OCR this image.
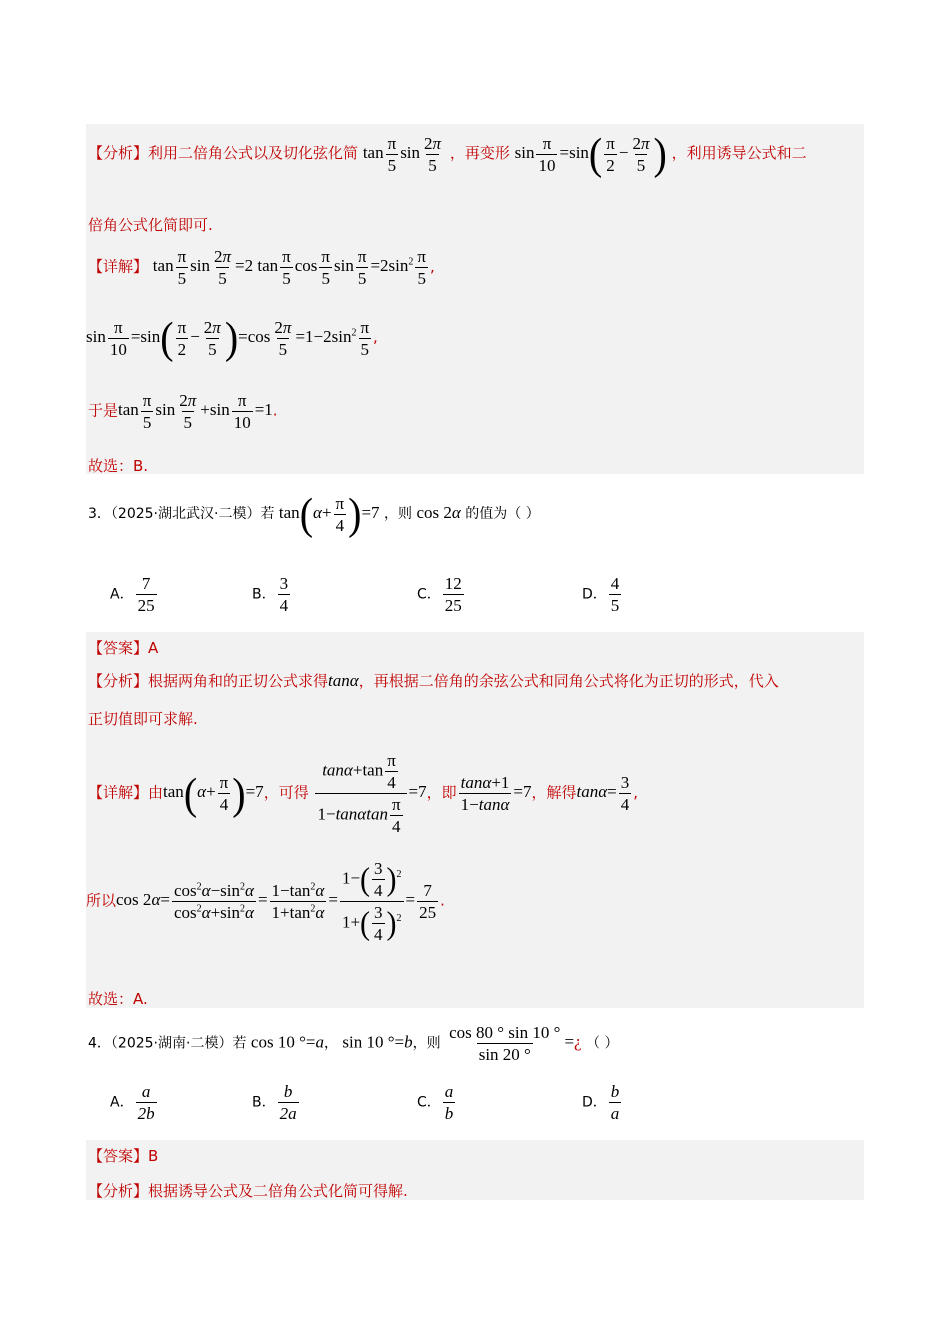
【分析】利用二倍角公式以及切化弦化简 $\tan \frac{\pi}{5}$ $\sin \frac{2\pi}{5}$ ，再变形 $\sin \frac{\pi}{10} =\sin( \frac{\pi}{2} - \frac{2\pi}{5}$ ) ，利用诱导公式和二
倍角公式化简即可.
【详解】 $\tan \frac{\pi}{5}$ $\sin \frac{2\pi}{5} =2$ $\tan \frac{\pi}{5}$ $\cos \frac{\pi}{5}$ $\sin \frac{\pi}{5} =2\sin^2 \frac{\pi}{5}$ ,
$\sin \frac{\pi}{10} =\sin( \frac{\pi}{2} - \frac{2\pi}{5} )=\cos \frac{2\pi}{5} =1-2\sin^2 \frac{\pi}{5}$ ,
于是$\tan \frac{\pi}{5}$ $\sin \frac{2\pi}{5} +\sin \frac{\pi}{10} =1$.
故选：B.
3．（2025·湖北武汉·二模）若 $\tan(\alpha+ \frac{\pi}{4} )=7$ ，则 cos 2α 的值为（ ）
A． $\frac{7}{25}$	B． $\frac{3}{4}$	C． $\frac{12}{25}$	D． $\frac{4}{5}$
【答案】A
【分析】根据两角和的正切公式求得tanα，再根据二倍角的余弦公式和同角公式将化为正切的形式，代入
正切值即可求解.
【详解】由$\tan(\alpha+ \frac{\pi}{4} )=7$，可得 $\frac{\tan\alpha+\tan \frac{\pi}{4}}{1-\tan\alpha\tan \frac{\pi}{4}} =7$，即 $\frac{\tan\alpha+1}{1-\tan\alpha} =7$，解得$\tan\alpha= \frac{3}{4}$ ,
所以$\cos 2\alpha= \frac{\cos^2\alpha-\sin^2\alpha}{\cos^2\alpha+\sin^2\alpha} = \frac{1-\tan^2\alpha}{1+\tan^2\alpha} = \frac{1-( \frac{3}{4} )^2}{1+( \frac{3}{4} )^2} = \frac{7}{25}$ .
故选：A.
4．（2025·湖南·二模）若 cos 10 °=a， sin 10 °=b，则 $\frac{\cos 80 ^\circ \sin 10 ^\circ}{\sin 20 ^\circ}$ =¿ （ ）
A． $\frac{a}{2b}$	B． $\frac{b}{2a}$	C． $\frac{a}{b}$	D． $\frac{b}{a}$
【答案】B
【分析】根据诱导公式及二倍角公式化简可得解.
